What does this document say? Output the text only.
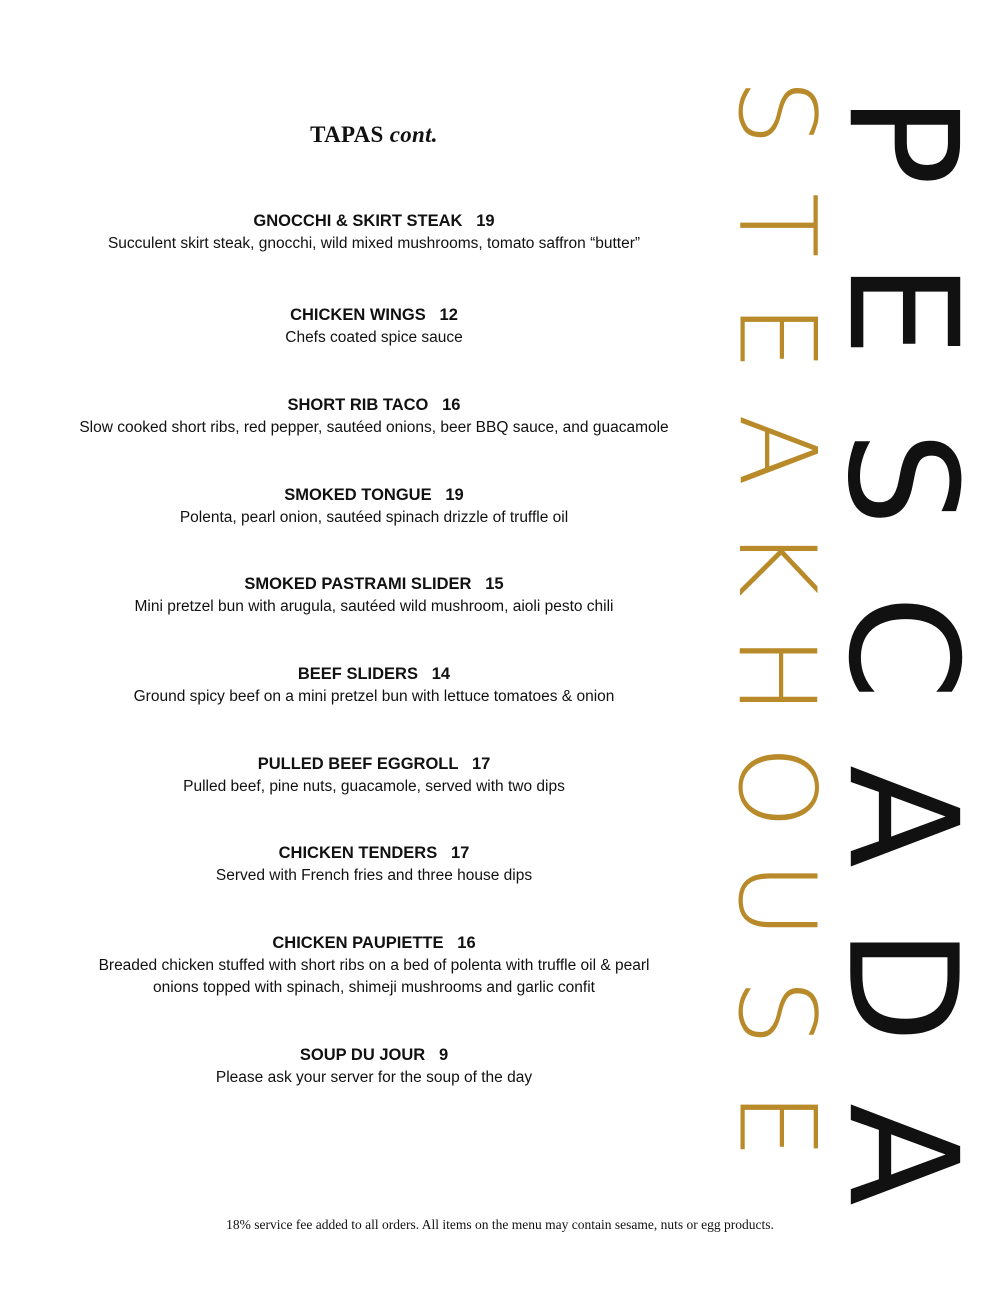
TAPAS cont.
GNOCCHI & SKIRT STEAK 19
Succulent skirt steak, gnocchi, wild mixed mushrooms, tomato saffron “butter”
CHICKEN WINGS 12
Chefs coated spice sauce
SHORT RIB TACO 16
Slow cooked short ribs, red pepper, sautéed onions, beer BBQ sauce, and guacamole
SMOKED TONGUE 19
Polenta, pearl onion, sautéed spinach drizzle of truffle oil
SMOKED PASTRAMI SLIDER 15
Mini pretzel bun with arugula, sautéed wild mushroom, aioli pesto chili
BEEF SLIDERS 14
Ground spicy beef on a mini pretzel bun with lettuce tomatoes & onion
PULLED BEEF EGGROLL 17
Pulled beef, pine nuts, guacamole, served with two dips
CHICKEN TENDERS 17
Served with French fries and three house dips
CHICKEN PAUPIETTE 16
Breaded chicken stuffed with short ribs on a bed of polenta with truffle oil & pearl
onions topped with spinach, shimeji mushrooms and garlic confit
SOUP DU JOUR 9
Please ask your server for the soup of the day
S
T
E
A
K
H
O
U
S
E
P
E
S
C
A
D
A
18% service fee added to all orders. All items on the menu may contain sesame, nuts or egg products.
